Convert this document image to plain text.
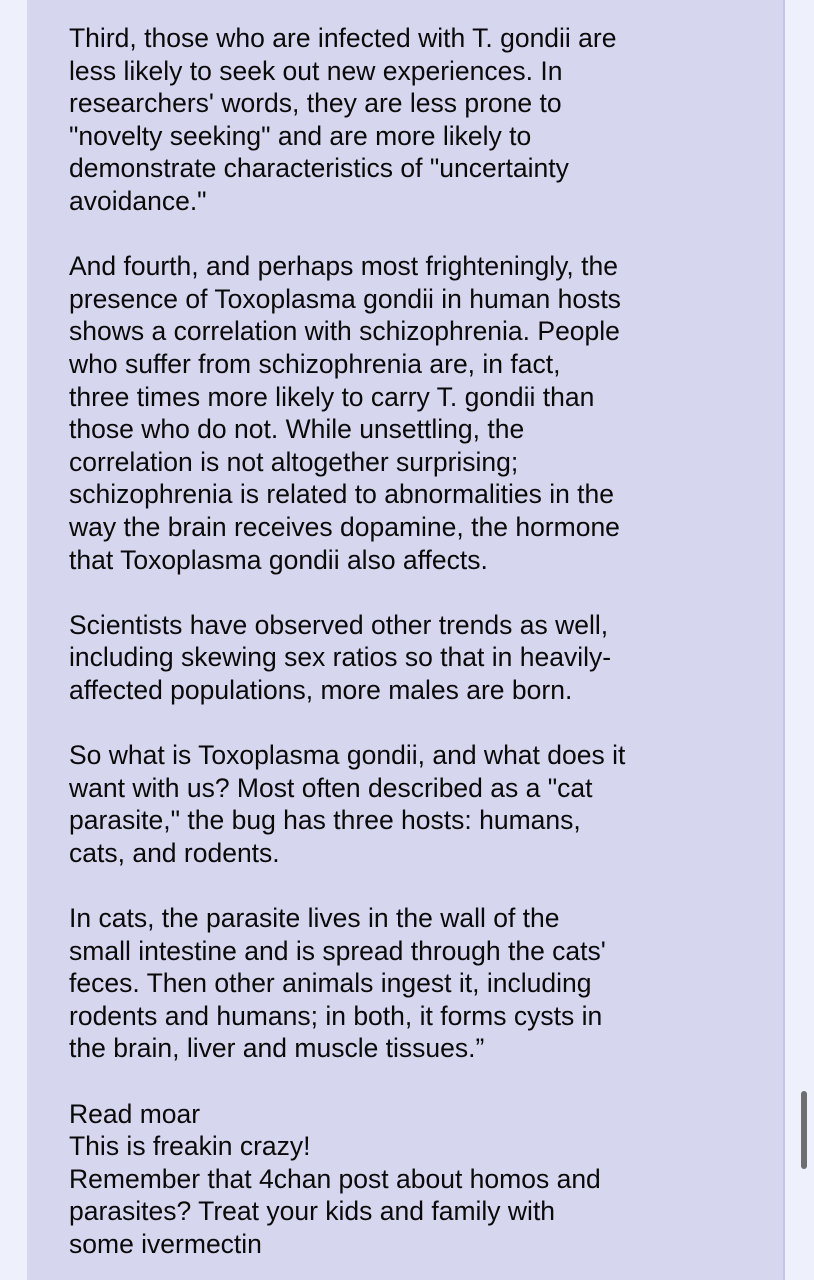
Third, those who are infected with T. gondii are
less likely to seek out new experiences. In
researchers' words, they are less prone to
"novelty seeking" and are more likely to
demonstrate characteristics of "uncertainty
avoidance."
And fourth, and perhaps most frighteningly, the
presence of Toxoplasma gondii in human hosts
shows a correlation with schizophrenia. People
who suffer from schizophrenia are, in fact,
three times more likely to carry T. gondii than
those who do not. While unsettling, the
correlation is not altogether surprising;
schizophrenia is related to abnormalities in the
way the brain receives dopamine, the hormone
that Toxoplasma gondii also affects.
Scientists have observed other trends as well,
including skewing sex ratios so that in heavily-
affected populations, more males are born.
So what is Toxoplasma gondii, and what does it
want with us? Most often described as a "cat
parasite," the bug has three hosts: humans,
cats, and rodents.
In cats, the parasite lives in the wall of the
small intestine and is spread through the cats'
feces. Then other animals ingest it, including
rodents and humans; in both, it forms cysts in
the brain, liver and muscle tissues.”
Read moar
This is freakin crazy!
Remember that 4chan post about homos and
parasites? Treat your kids and family with
some ivermectin
